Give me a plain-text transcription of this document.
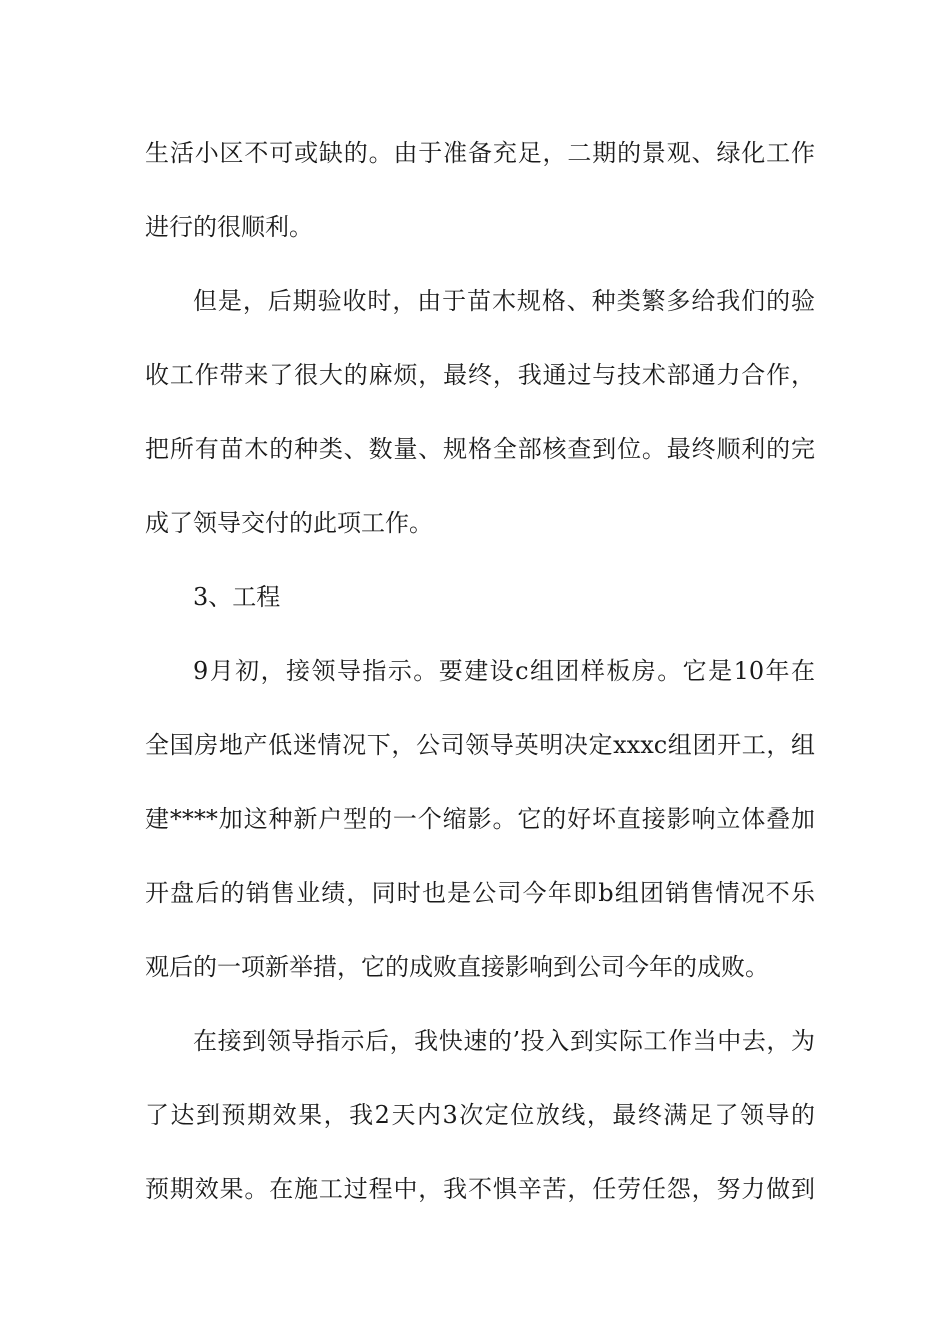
生活小区不可或缺的。由于准备充足，二期的景观、绿化工作
进行的很顺利。
但是，后期验收时，由于苗木规格、种类繁多给我们的验
收工作带来了很大的麻烦，最终，我通过与技术部通力合作，
把所有苗木的种类、数量、规格全部核查到位。最终顺利的完
成了领导交付的此项工作。
3、工程
9月初，接领导指示。要建设c组团样板房。它是10年在
全国房地产低迷情况下，公司领导英明决定xxxc组团开工，组
建****加这种新户型的一个缩影。它的好坏直接影响立体叠加
开盘后的销售业绩，同时也是公司今年即b组团销售情况不乐
观后的一项新举措，它的成败直接影响到公司今年的成败。
在接到领导指示后，我快速的’投入到实际工作当中去，为
了达到预期效果，我2天内3次定位放线，最终满足了领导的
预期效果。在施工过程中，我不惧辛苦，任劳任怨，努力做到
